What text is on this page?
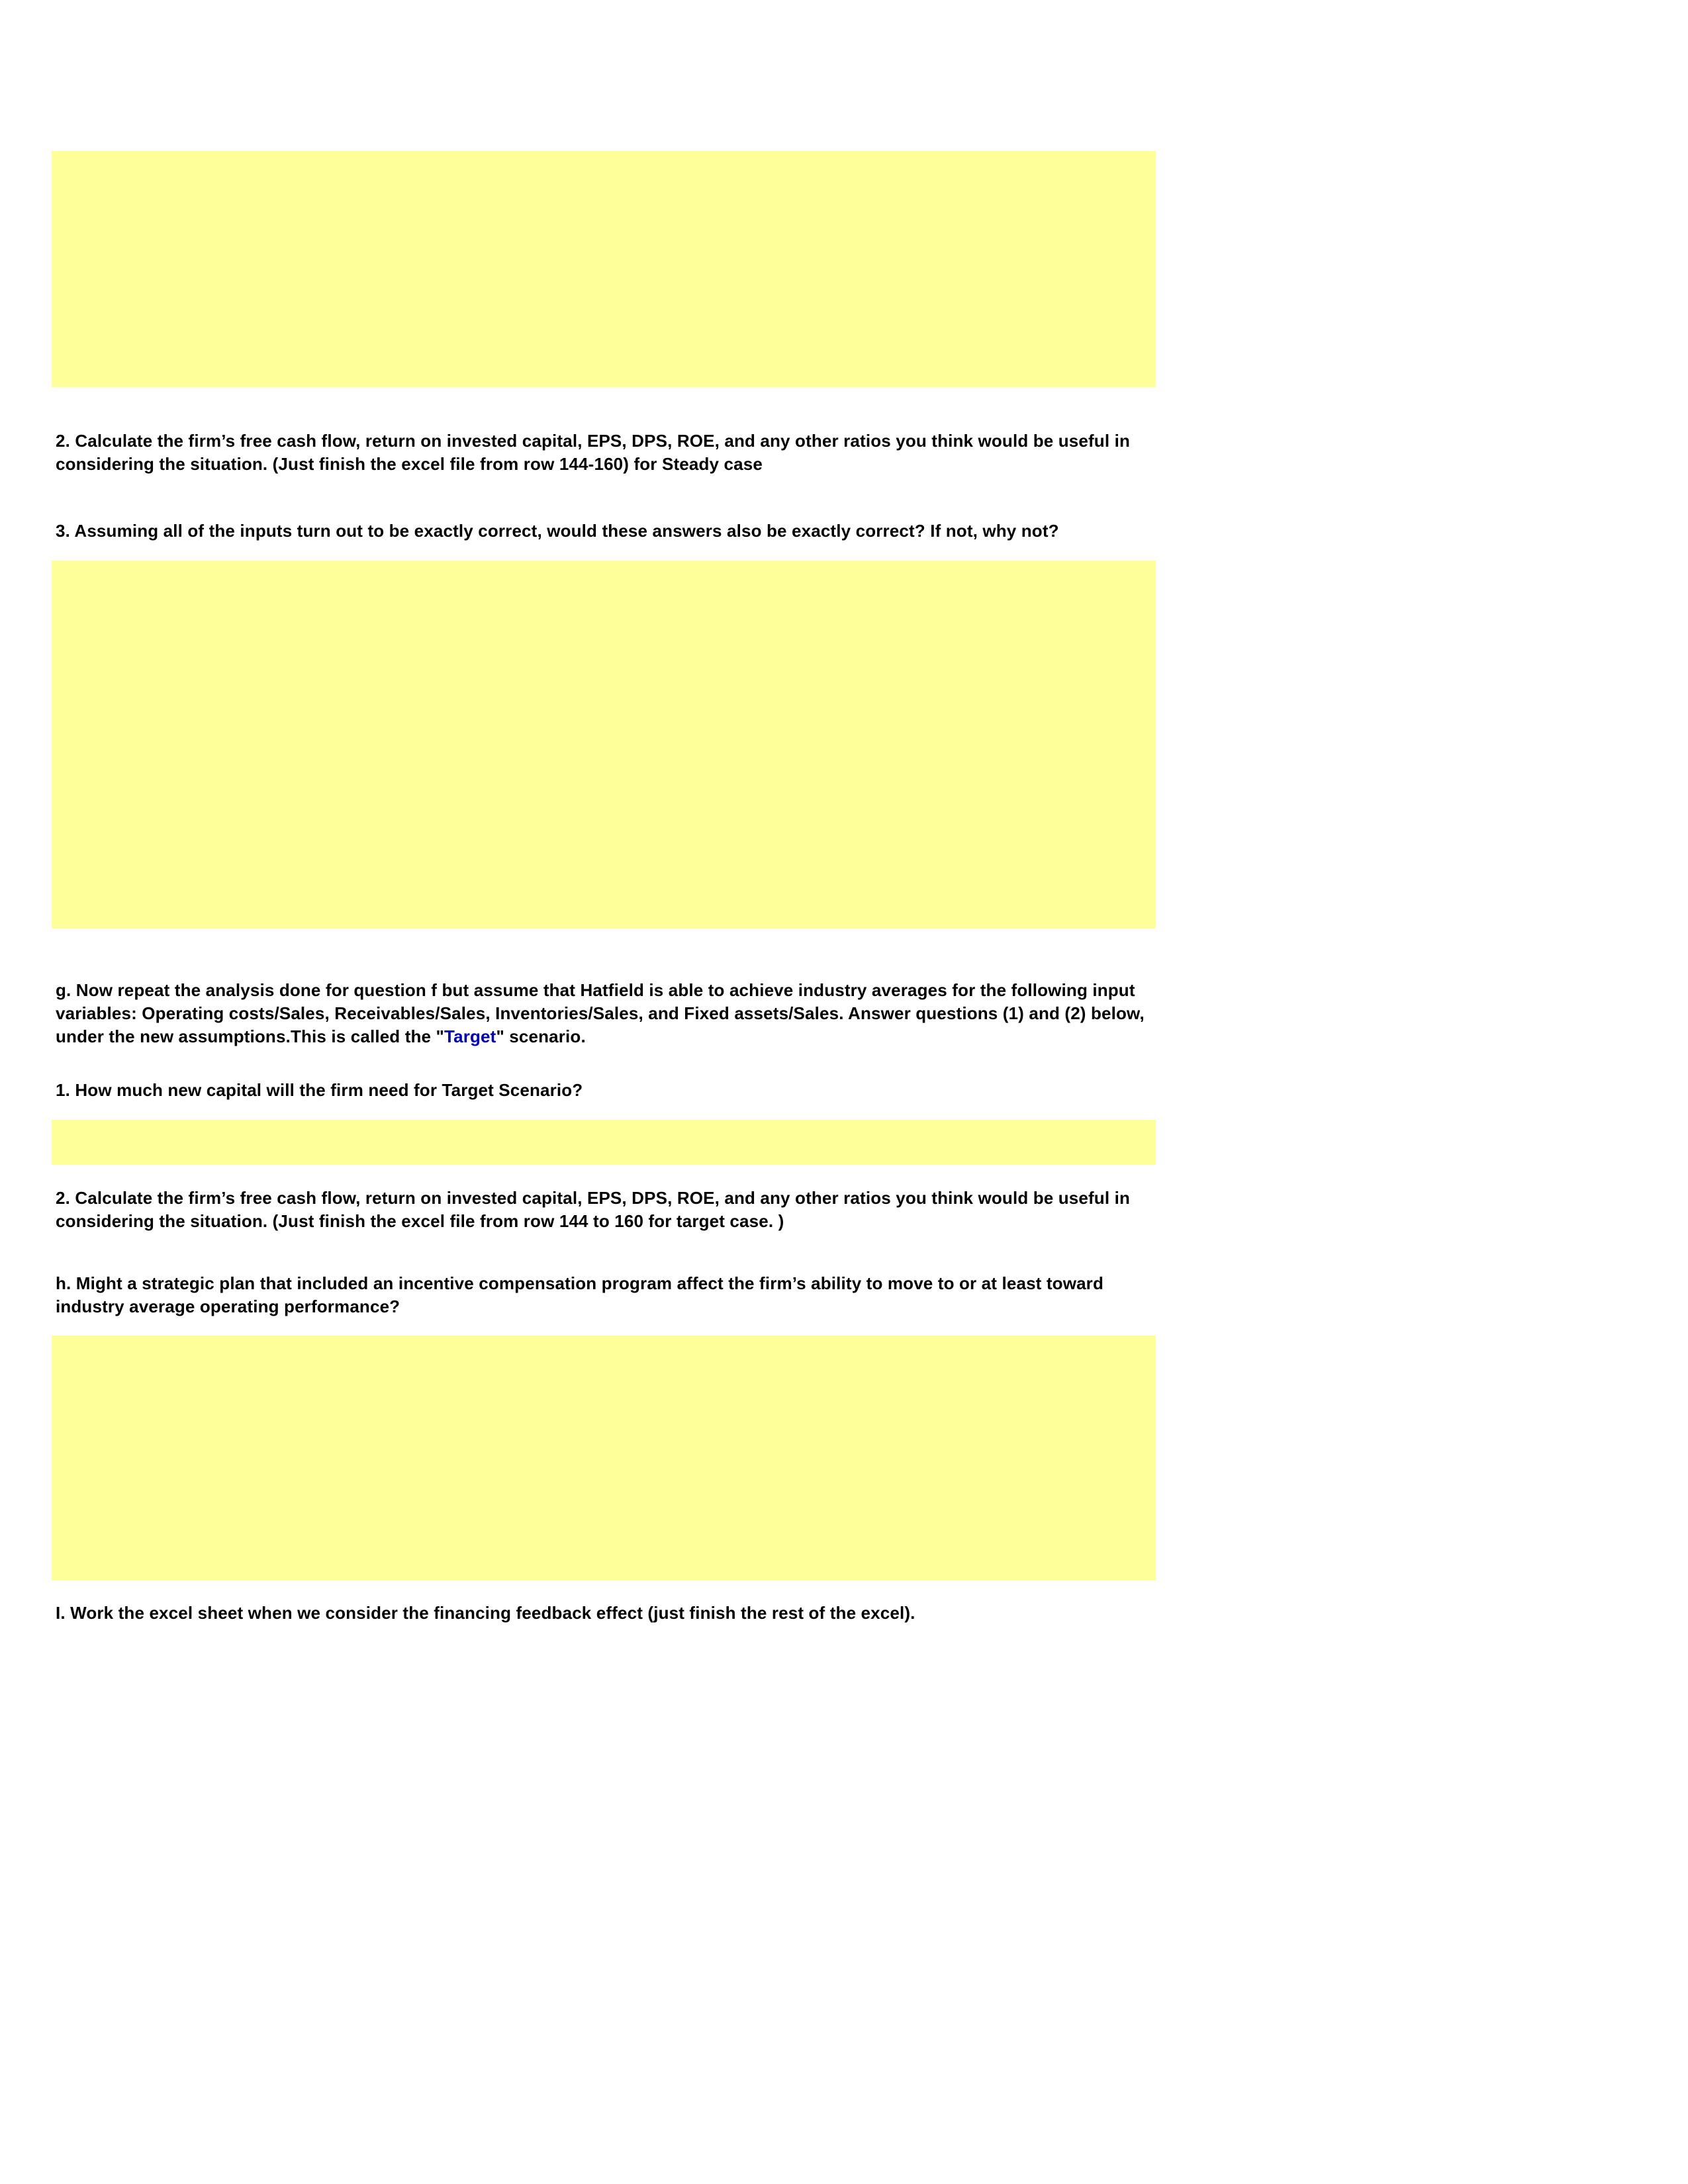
2. Calculate the firm’s free cash flow, return on invested capital, EPS, DPS, ROE, and any other ratios you think would be useful in considering the situation. (Just finish the excel file from row 144-160) for Steady case

3. Assuming all of the inputs turn out to be exactly correct, would these answers also be exactly correct? If not, why not?

g. Now repeat the analysis done for question f but assume that Hatfield is able to achieve industry averages for the following input variables: Operating costs/Sales, Receivables/Sales, Inventories/Sales, and Fixed assets/Sales. Answer questions (1) and (2) below, under the new assumptions.This is called the "Target" scenario.

1. How much new capital will the firm need for Target Scenario?

2. Calculate the firm’s free cash flow, return on invested capital, EPS, DPS, ROE, and any other ratios you think would be useful in considering the situation. (Just finish the excel file from row 144 to 160 for target case. )

h. Might a strategic plan that included an incentive compensation program affect the firm’s ability to move to or at least toward industry average operating performance?

I. Work the excel sheet when we consider the financing feedback effect (just finish the rest of the excel).
